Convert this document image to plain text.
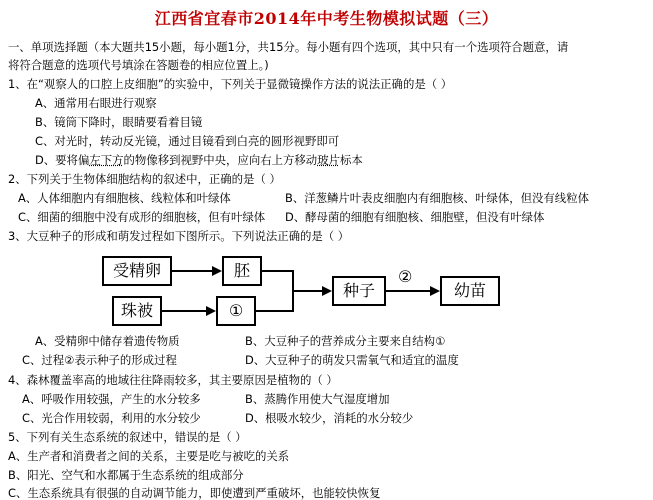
江西省宜春市2014年中考生物模拟试题（三）
一、单项选择题（本大题共15小题，每小题1分，共15分。每小题有四个选项，其中只有一个选项符合题意，请
将符合题意的选项代号填涂在答题卷的相应位置上。)
1、在“观察人的口腔上皮细胞”的实验中，下列关于显微镜操作方法的说法正确的是（ ）
A、通常用右眼进行观察
B、镜筒下降时，眼睛要看着目镜
C、对光时，转动反光镜，通过目镜看到白亮的圆形视野即可
D、要将偏左下方的物像移到视野中央，应向右上方移动玻片标本
2、下列关于生物体细胞结构的叙述中，正确的是（ ）
A、人体细胞内有细胞核、线粒体和叶绿体	B、洋葱鳞片叶表皮细胞内有细胞核、叶绿体，但没有线粒体
C、细菌的细胞中没有成形的细胞核，但有叶绿体 D、酵母菌的细胞有细胞核、细胞壁，但没有叶绿体
3、大豆种子的形成和萌发过程如下图所示。下列说法正确的是（ ）
受精卵	胚
珠被	①
种子	幼苗
②
A、受精卵中储存着遗传物质	B、大豆种子的营养成分主要来自结构①
C、过程②表示种子的形成过程	D、大豆种子的萌发只需氧气和适宜的温度
4、森林覆盖率高的地域往往降雨较多，其主要原因是植物的（ ）
A、呼吸作用较强，产生的水分较多	B、蒸腾作用使大气湿度增加
C、光合作用较弱，利用的水分较少	D、根吸水较少，消耗的水分较少
5、下列有关生态系统的叙述中，错误的是（ ）
A、生产者和消费者之间的关系，主要是吃与被吃的关系
B、阳光、空气和水都属于生态系统的组成部分
C、生态系统具有很强的自动调节能力，即使遭到严重破坏，也能较快恢复
